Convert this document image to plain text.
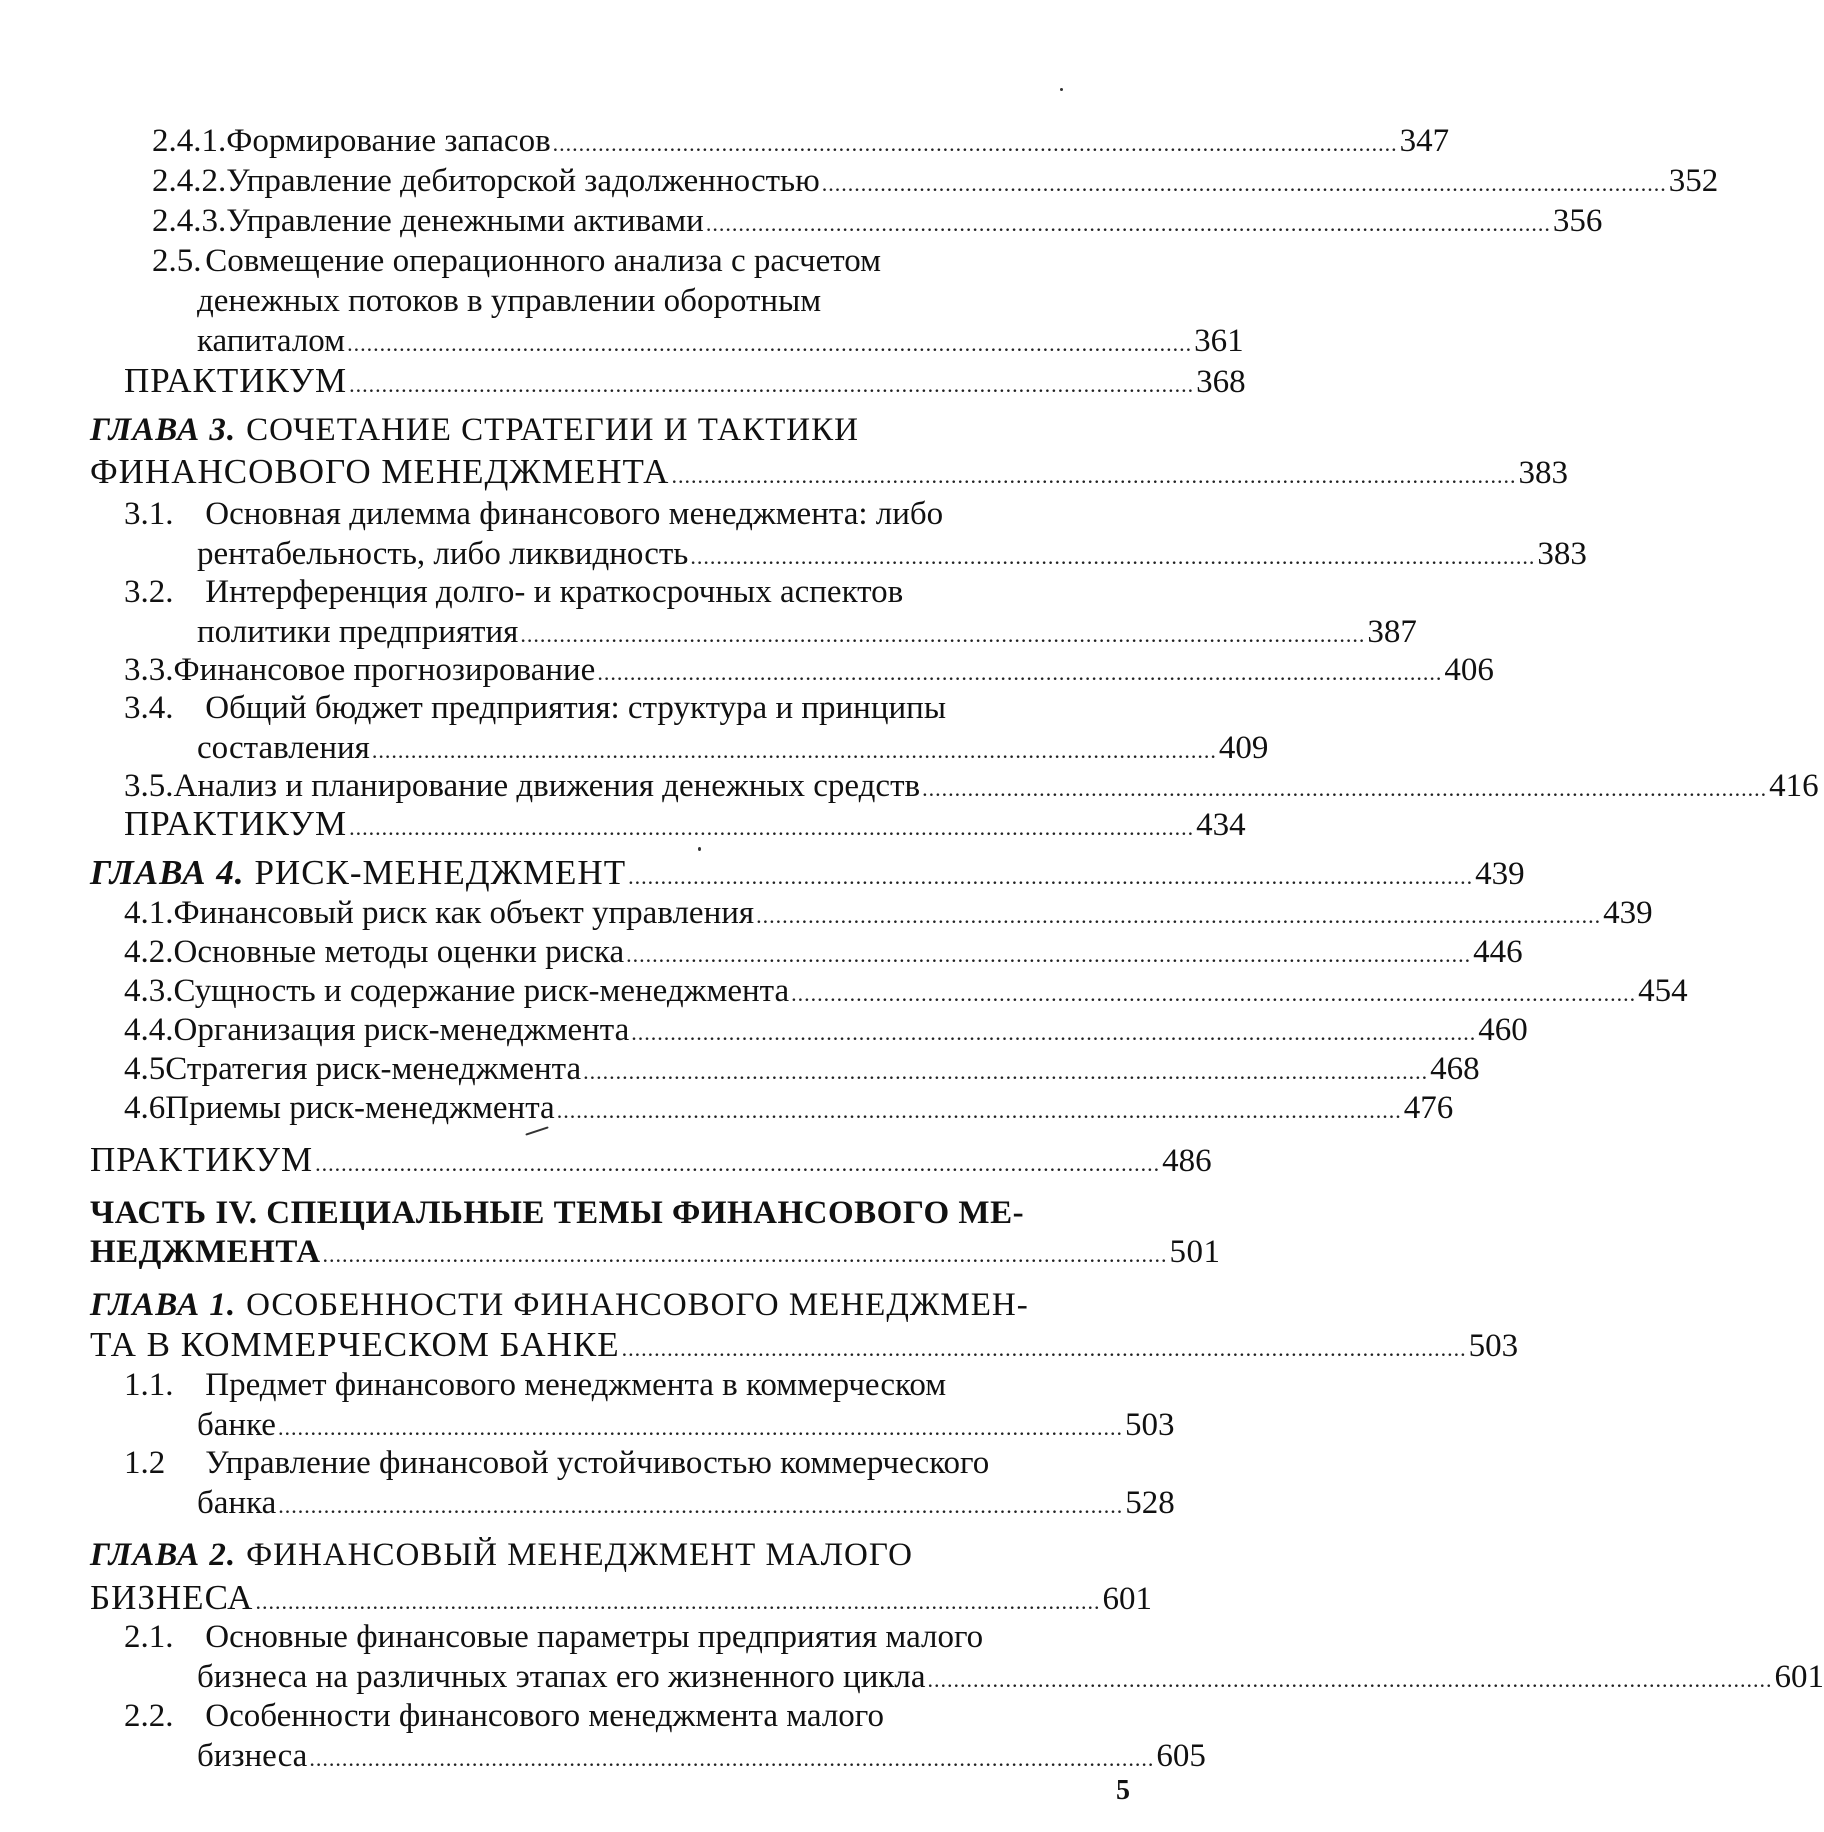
2.4.1. Формирование запасов .................................................................................................................................. 347
2.4.2. Управление дебиторской задолженностью .................................................................................................................................. 352
2.4.3. Управление денежными активами .................................................................................................................................. 356
2.5. Совмещение операционного анализа с расчетом
денежных потоков в управлении оборотным
капиталом .................................................................................................................................. 361
ПРАКТИКУМ .................................................................................................................................. 368
ГЛАВА 3. СОЧЕТАНИЕ СТРАТЕГИИ И ТАКТИКИ
ФИНАНСОВОГО МЕНЕДЖМЕНТА .................................................................................................................................. 383
3.1. Основная дилемма финансового менеджмента: либо
рентабельность, либо ликвидность .................................................................................................................................. 383
3.2. Интерференция долго- и краткосрочных аспектов
политики предприятия .................................................................................................................................. 387
3.3. Финансовое прогнозирование .................................................................................................................................. 406
3.4. Общий бюджет предприятия: структура и принципы
составления .................................................................................................................................. 409
3.5. Анализ и планирование движения денежных средств .................................................................................................................................. 416
ПРАКТИКУМ .................................................................................................................................. 434
ГЛАВА 4. РИСК-МЕНЕДЖМЕНТ .................................................................................................................................. 439
4.1. Финансовый риск как объект управления .................................................................................................................................. 439
4.2. Основные методы оценки риска .................................................................................................................................. 446
4.3. Сущность и содержание риск-менеджмента .................................................................................................................................. 454
4.4. Организация риск-менеджмента .................................................................................................................................. 460
4.5 Стратегия риск-менеджмента .................................................................................................................................. 468
4.6 Приемы риск-менеджмента .................................................................................................................................. 476
ПРАКТИКУМ .................................................................................................................................. 486
ЧАСТЬ IV. СПЕЦИАЛЬНЫЕ ТЕМЫ ФИНАНСОВОГО МЕ-
НЕДЖМЕНТА .................................................................................................................................. 501
ГЛАВА 1. ОСОБЕННОСТИ ФИНАНСОВОГО МЕНЕДЖМЕН-
ТА В КОММЕРЧЕСКОМ БАНКЕ .................................................................................................................................. 503
1.1. Предмет финансового менеджмента в коммерческом
банке .................................................................................................................................. 503
1.2 Управление финансовой устойчивостью коммерческого
банка .................................................................................................................................. 528
ГЛАВА 2. ФИНАНСОВЫЙ МЕНЕДЖМЕНТ МАЛОГО
БИЗНЕСА .................................................................................................................................. 601
2.1. Основные финансовые параметры предприятия малого
бизнеса на различных этапах его жизненного цикла .................................................................................................................................. 601
2.2. Особенности финансового менеджмента малого
бизнеса .................................................................................................................................. 605
5
